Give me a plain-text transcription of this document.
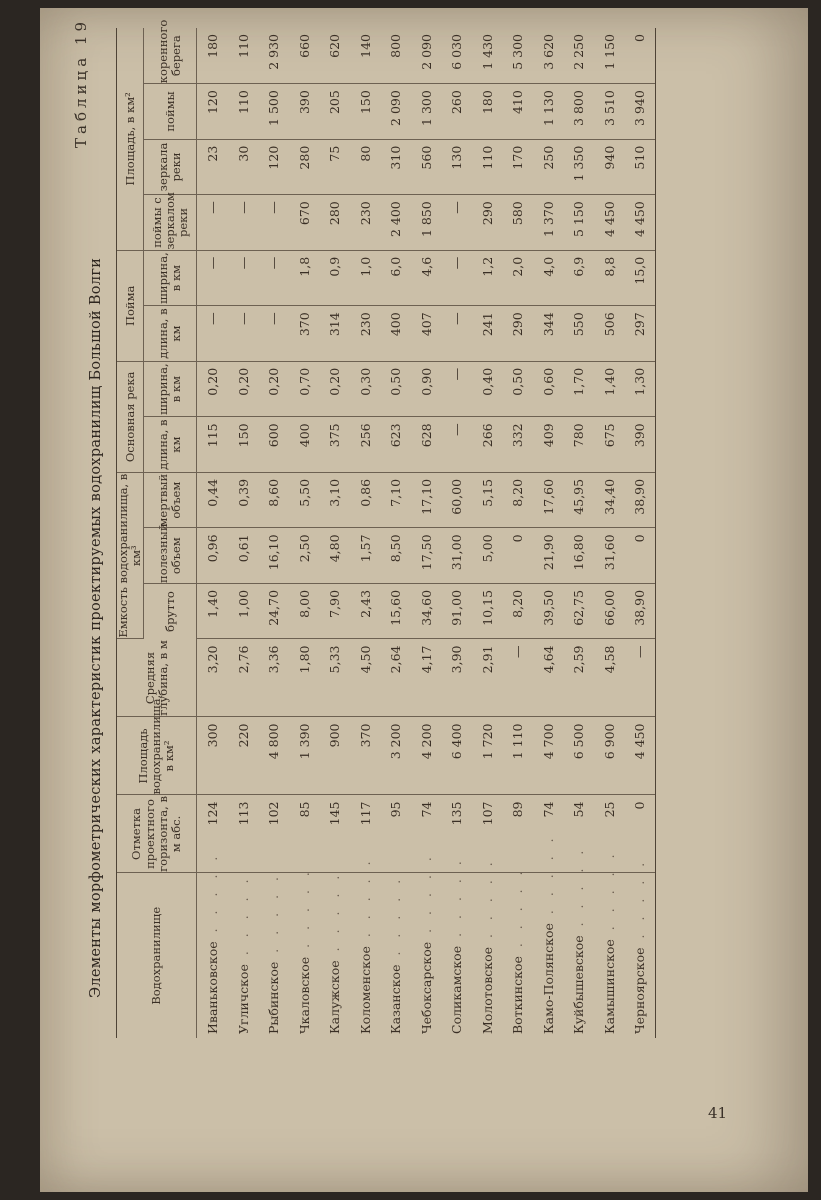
Таблица 19
Элементы морфометрических характеристик проектируемых водохранилищ Большой Волги	Водохранилище	Отметка проектного горизонта, в м абс.	Площадь водохранилища, в км²	Средняя глубина, в м	Емкость водохранилища, в км³			Основная река		Пойма		Площадь, в км²			
				брутто	полезный объем	мертвый объем	длина, в км	ширина, в км	длина, в км	ширина, в км	поймы с зеркалом реки	зеркала реки	поймы	коренного берега
Иваньковское . . . . .	124	300	3,20	1,40	0,96	0,44	115	0,20	—	—	—	23	120	180
Угличское . . . . .	113	220	2,76	1,00	0,61	0,39	150	0,20	—	—	—	30	110	110
Рыбинское . . . . .	102	4 800	3,36	24,70	16,10	8,60	600	0,20	—	—	—	120	1 500	2 930
Чкаловское . . . . .	85	1 390	1,80	8,00	2,50	5,50	400	0,70	370	1,8	670	280	390	660
Калужское . . . . .	145	900	5,33	7,90	4,80	3,10	375	0,20	314	0,9	280	75	205	620
Коломенское . . . . .	117	370	4,50	2,43	1,57	0,86	256	0,30	230	1,0	230	80	150	140
Казанское . . . . .	95	3 200	2,64	15,60	8,50	7,10	623	0,50	400	6,0	2 400	310	2 090	800
Чебоксарское . . . . .	74	4 200	4,17	34,60	17,50	17,10	628	0,90	407	4,6	1 850	560	1 300	2 090
Соликамское . . . . .	135	6 400	3,90	91,00	31,00	60,00	—	—	—	—	—	130	260	6 030
Молотовское . . . . .	107	1 720	2,91	10,15	5,00	5,15	266	0,40	241	1,2	290	110	180	1 430
Воткинское . . . . .	89	1 110	—	8,20	0	8,20	332	0,50	290	2,0	580	170	410	5 300
Камо-Полянское . . . . .	74	4 700	4,64	39,50	21,90	17,60	409	0,60	344	4,0	1 370	250	1 130	3 620
Куйбышевское . . . . .	54	6 500	2,59	62,75	16,80	45,95	780	1,70	550	6,9	5 150	1 350	3 800	2 250
Камышинское . . . . .	25	6 900	4,58	66,00	31,60	34,40	675	1,40	506	8,8	4 450	940	3 510	1 150
Черноярское . . . . .	0	4 450	—	38,90	0	38,90	390	1,30	297	15,0	4 450	510	3 940	0
41
